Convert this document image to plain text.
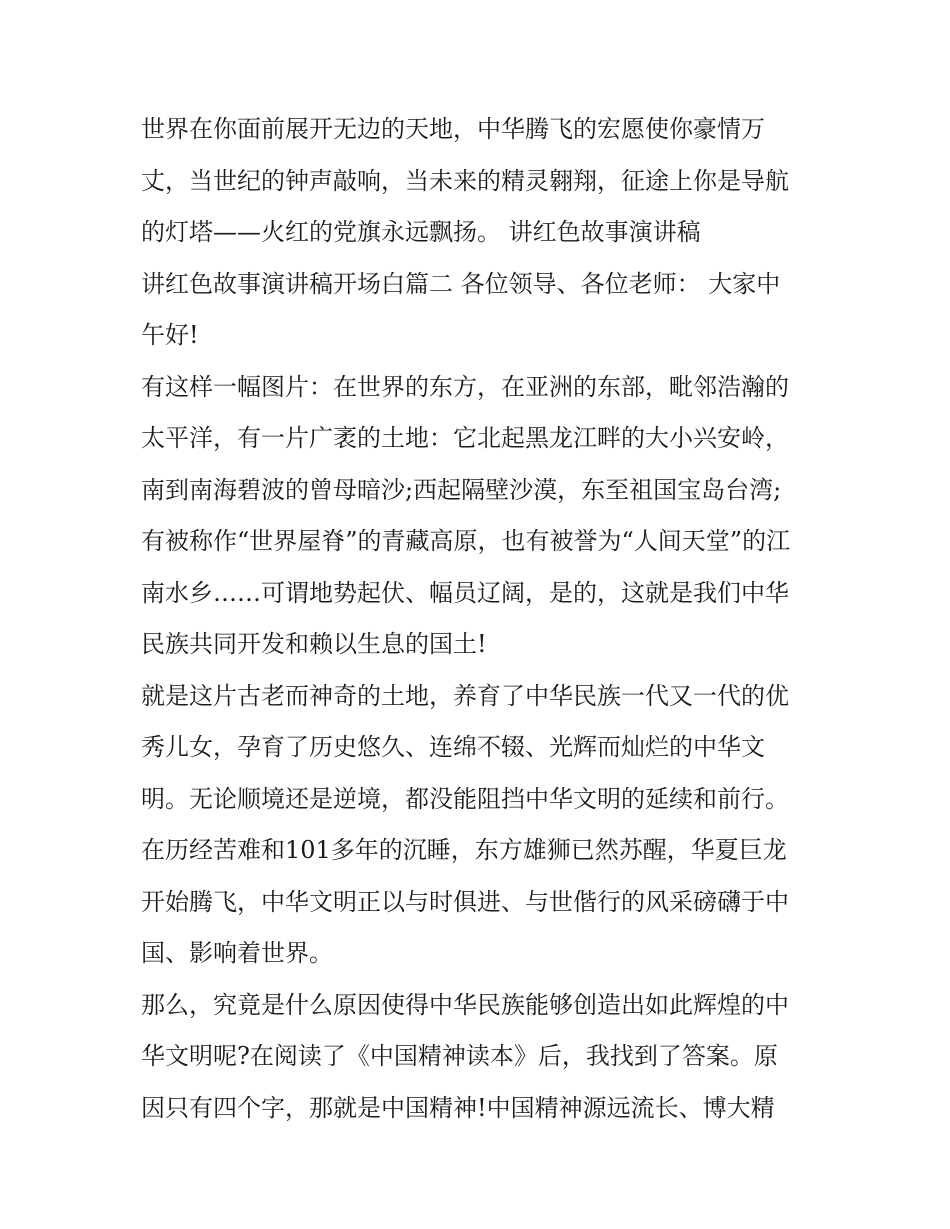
世界在你面前展开无边的天地，中华腾飞的宏愿使你豪情万
丈，当世纪的钟声敲响，当未来的精灵翱翔，征途上你是导航
的灯塔——火红的党旗永远飘扬。 讲红色故事演讲稿
讲红色故事演讲稿开场白篇二 各位领导、各位老师： 大家中
午好!
有这样一幅图片：在世界的东方，在亚洲的东部，毗邻浩瀚的
太平洋，有一片广袤的土地：它北起黑龙江畔的大小兴安岭，
南到南海碧波的曾母暗沙;西起隔壁沙漠，东至祖国宝岛台湾;
有被称作“世界屋脊”的青藏高原，也有被誉为“人间天堂”的江
南水乡……可谓地势起伏、幅员辽阔，是的，这就是我们中华
民族共同开发和赖以生息的国土!
就是这片古老而神奇的土地，养育了中华民族一代又一代的优
秀儿女，孕育了历史悠久、连绵不辍、光辉而灿烂的中华文
明。无论顺境还是逆境，都没能阻挡中华文明的延续和前行。
在历经苦难和101多年的沉睡，东方雄狮已然苏醒，华夏巨龙
开始腾飞，中华文明正以与时俱进、与世偕行的风采磅礴于中
国、影响着世界。
那么，究竟是什么原因使得中华民族能够创造出如此辉煌的中
华文明呢?在阅读了《中国精神读本》后，我找到了答案。原
因只有四个字，那就是中国精神!中国精神源远流长、博大精
